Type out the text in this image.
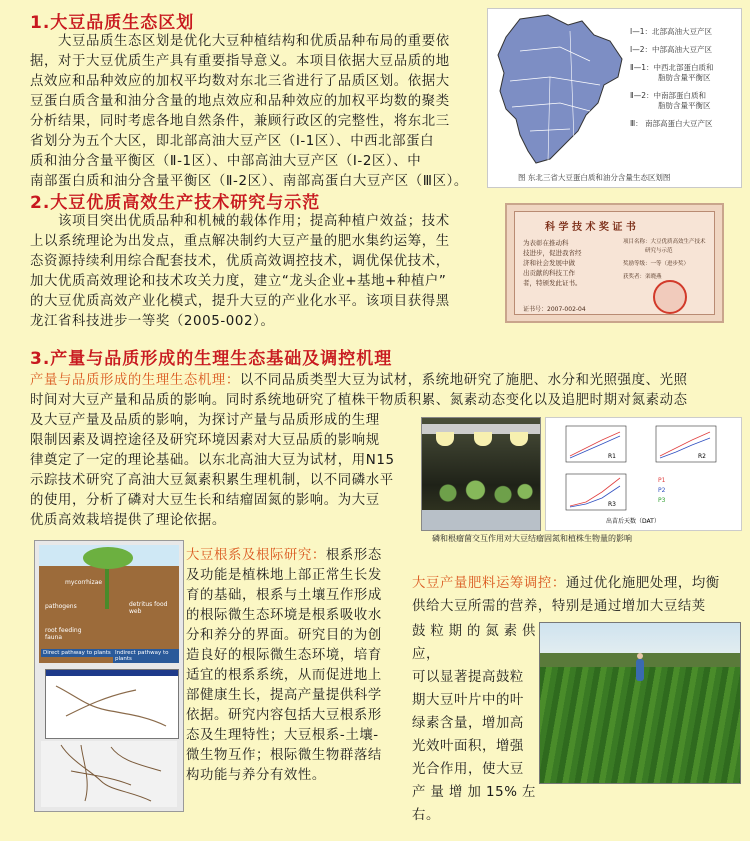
1.大豆品质生态区划
大豆品质生态区划是优化大豆种植结构和优质品种布局的重要依
据，对于大豆优质生产具有重要指导意义。本项目依据大豆品质的地
点效应和品种效应的加权平均数对东北三省进行了品质区划。依据大
豆蛋白质含量和油分含量的地点效应和品种效应的加权平均数的聚类
分析结果，同时考虑各地自然条件，兼顾行政区的完整性，将东北三
省划分为五个大区，即北部高油大豆产区（Ⅰ-1区）、中西北部蛋白
质和油分含量平衡区（Ⅱ-1区）、中部高油大豆产区（Ⅰ-2区）、中
南部蛋白质和油分含量平衡区（Ⅱ-2区）、南部高蛋白大豆产区（Ⅲ区）。
Ⅰ—1：北部高油大豆产区
Ⅰ—2：中部高油大豆产区
Ⅱ—1：中西北部蛋白质和
脂肪含量平衡区
Ⅱ—2：中南部蛋白质和
脂肪含量平衡区
Ⅲ： 南部高蛋白大豆产区
图 东北三省大豆蛋白质和油分含量生态区划图
2.大豆优质高效生产技术研究与示范
该项目突出优质品种和机械的载体作用；提高种植户效益；技术
上以系统理论为出发点，重点解决制约大豆产量的肥水集约运筹，生
态资源持续利用综合配套技术，优质高效调控技术，调优保优技术，
加大优质高效理论和技术攻关力度，建立“龙头企业+基地+种植户”
的大豆优质高效产业化模式，提升大豆的产业化水平。该项目获得黑
龙江省科技进步一等奖（2005-002）。
科 学 技 术 奖 证 书
为表彰在推动科
技进步，促进我省经
济和社会发展中做
出贡献的科技工作
者，特颁发此证书。
项目名称：大豆优质高效生产技术
研究与示范
奖励等级：一等（进步奖）
获奖者：栾晓燕
证书号：2007-002-04
3.产量与品质形成的生理生态基础及调控机理
产量与品质形成的生理生态机理：以不同品质类型大豆为试材，系统地研究了施肥、水分和光照强度、光照
时间对大豆产量和品质的影响。同时系统地研究了植株干物质积累、氮素动态变化以及追肥时期对氮素动态
及大豆产量及品质的影响，为探讨产量与品质形成的生理
限制因素及调控途径及研究环境因素对大豆品质的影响规
律奠定了一定的理论基础。以东北高油大豆为试材，用N15
示踪技术研究了高油大豆氮素积累生理机制，以不同磷水平
的使用，分析了磷对大豆生长和结瘤固氮的影响。为大豆
优质高效栽培提供了理论依据。
R1	R2
R3
P1
P2
P3
出苗后天数（DAT）
磷和根瘤菌交互作用对大豆结瘤固氮和植株生物量的影响
pathogens
mycorrhizae
detritus food web
root feeding fauna
Direct pathway to plants Indirect pathway to plants
大豆根系及根际研究：根系形态
及功能是植株地上部正常生长发
育的基础，根系与土壤互作形成
的根际微生态环境是根系吸收水
分和养分的界面。研究目的为创
造良好的根际微生态环境，培育
适宜的根系系统，从而促进地上
部健康生长，提高产量提供科学
依据。研究内容包括大豆根系形
态及生理特性；大豆根系-土壤-
微生物互作；根际微生物群落结
构功能与养分有效性。
大豆产量肥料运筹调控：通过优化施肥处理，均衡
供给大豆所需的营养，特别是通过增加大豆结荚
鼓粒期的氮素供应，
可以显著提高鼓粒
期大豆叶片中的叶
绿素含量，增加高
光效叶面积，增强
光合作用，使大豆
产量增加15%左右。
